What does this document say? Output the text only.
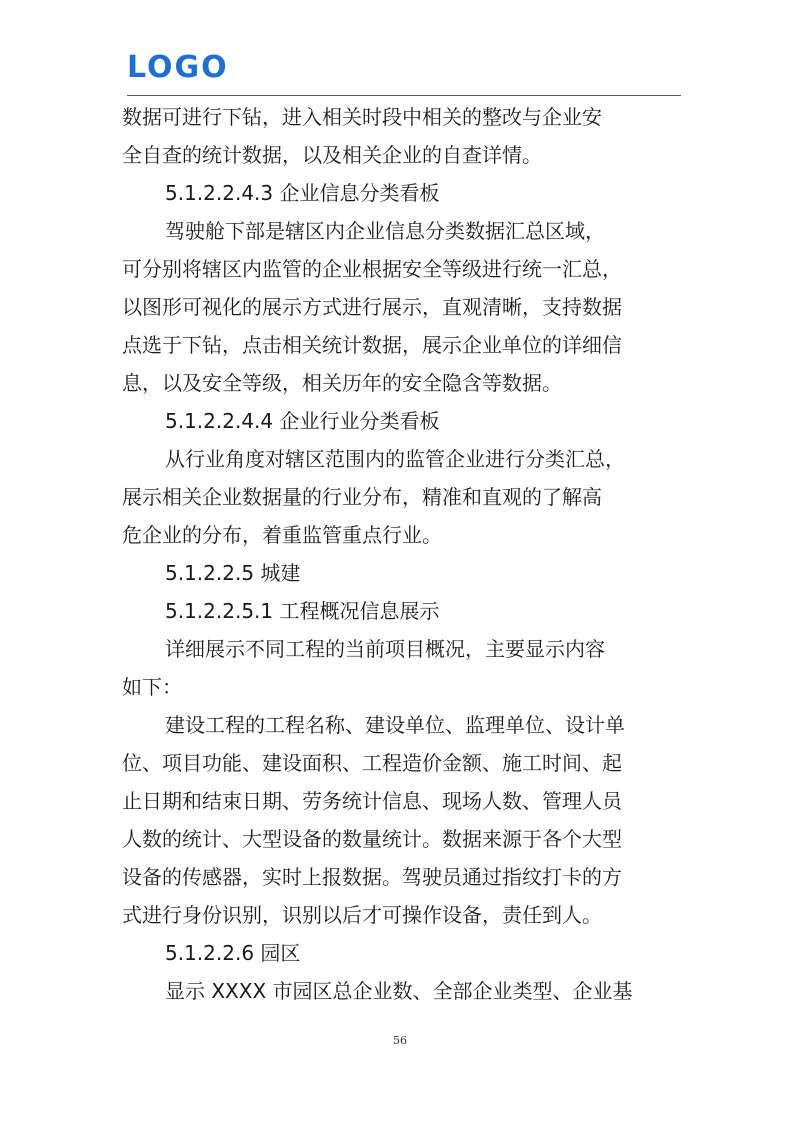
LOGO
数据可进行下钻，进入相关时段中相关的整改与企业安
全自查的统计数据，以及相关企业的自查详情。
5.1.2.2.4.3 企业信息分类看板
驾驶舱下部是辖区内企业信息分类数据汇总区域，
可分别将辖区内监管的企业根据安全等级进行统一汇总，
以图形可视化的展示方式进行展示，直观清晰，支持数据
点选于下钻，点击相关统计数据，展示企业单位的详细信
息，以及安全等级，相关历年的安全隐含等数据。
5.1.2.2.4.4 企业行业分类看板
从行业角度对辖区范围内的监管企业进行分类汇总，
展示相关企业数据量的行业分布，精准和直观的了解高
危企业的分布，着重监管重点行业。
5.1.2.2.5 城建
5.1.2.2.5.1 工程概况信息展示
详细展示不同工程的当前项目概况，主要显示内容
如下：
建设工程的工程名称、建设单位、监理单位、设计单
位、项目功能、建设面积、工程造价金额、施工时间、起
止日期和结束日期、劳务统计信息、现场人数、管理人员
人数的统计、大型设备的数量统计。数据来源于各个大型
设备的传感器，实时上报数据。驾驶员通过指纹打卡的方
式进行身份识别，识别以后才可操作设备，责任到人。
5.1.2.2.6 园区
显示 XXXX 市园区总企业数、全部企业类型、企业基
56
